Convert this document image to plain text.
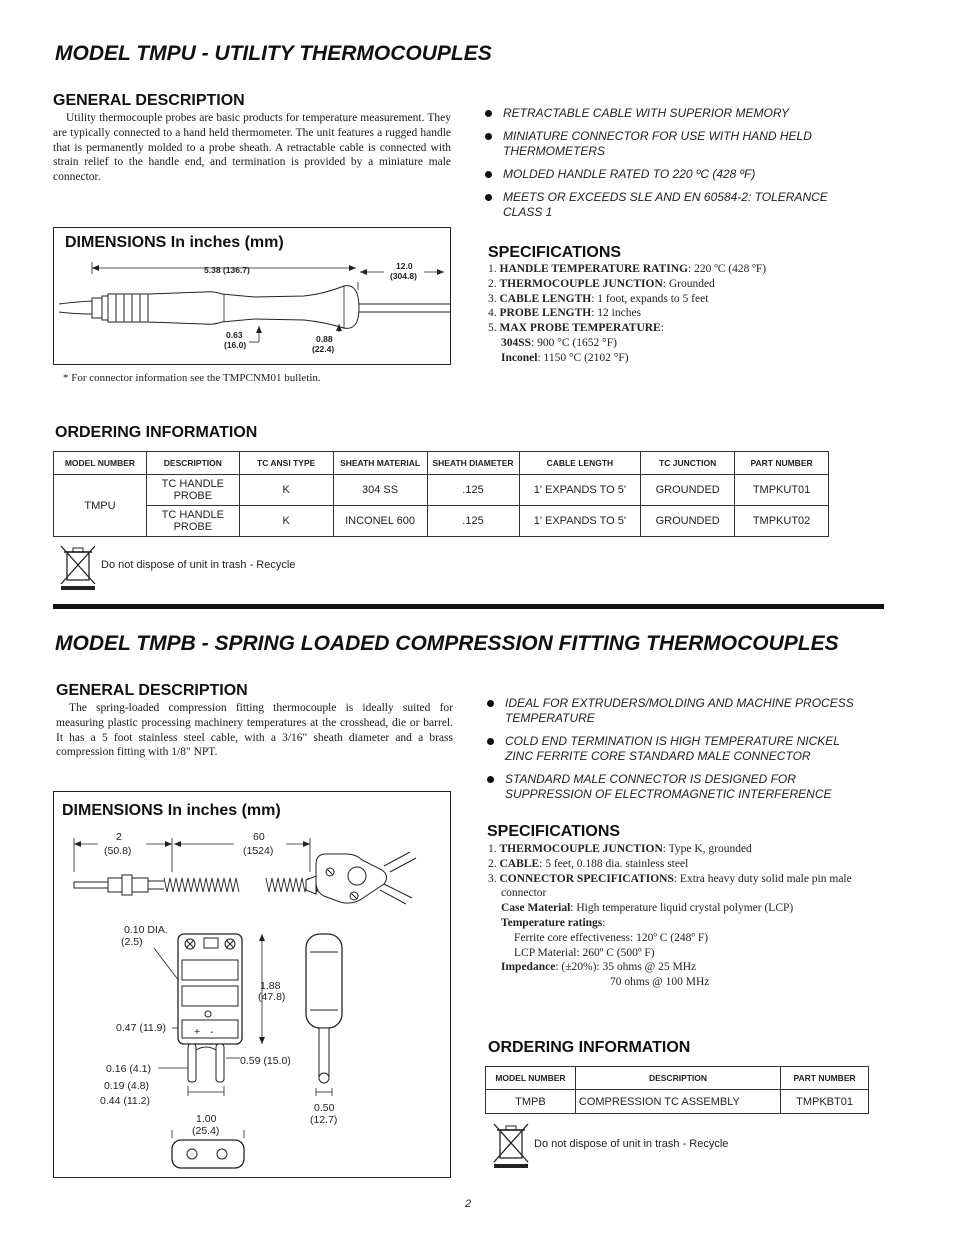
MODEL TMPU - UTILITY THERMOCOUPLES
GENERAL DESCRIPTION

Utility thermocouple probes are basic products for temperature measurement. They are typically connected to a hand held thermometer. The unit features a rugged handle that is permanently molded to a probe sheath. A retractable cable is connected with strain relief to the handle end, and termination is provided by a miniature male connector.

RETRACTABLE CABLE WITH SUPERIOR MEMORY
MINIATURE CONNECTOR FOR USE WITH HAND HELD THERMOMETERS
MOLDED HANDLE RATED TO 220 ºC (428 ºF)
MEETS OR EXCEEDS SLE AND EN 60584-2: TOLERANCE CLASS 1
DIMENSIONS In inches (mm)
5.38 (136.7)	12.0
(304.8)
0.63
(16.0)
0.88
(22.4)
* For connector information see the TMPCNM01 bulletin.
SPECIFICATIONS
1. HANDLE TEMPERATURE RATING: 220 ºC (428 ºF)
2. THERMOCOUPLE JUNCTION: Grounded
3. CABLE LENGTH: 1 foot, expands to 5 feet
4. PROBE LENGTH: 12 inches
5. MAX PROBE TEMPERATURE:
304SS: 900 °C (1652 °F)
Inconel: 1150 °C (2102 °F)
ORDERING INFORMATION
MODEL NUMBER	DESCRIPTION	TC ANSI TYPE	SHEATH MATERIAL	SHEATH DIAMETER	CABLE LENGTH	TC JUNCTION	PART NUMBER
TMPU	TC HANDLE PROBE	K	304 SS	.125	1' EXPANDS TO 5'	GROUNDED	TMPKUT01
	TC HANDLE PROBE	K	INCONEL 600	.125	1' EXPANDS TO 5'	GROUNDED	TMPKUT02
Do not dispose of unit in trash - Recycle
MODEL TMPB - SPRING LOADED COMPRESSION FITTING THERMOCOUPLES
GENERAL DESCRIPTION

The spring-loaded compression fitting thermocouple is ideally suited for measuring plastic processing machinery temperatures at the crosshead, die or barrel. It has a 5 foot stainless steel cable, with a 3/16" sheath diameter and a brass compression fitting with 1/8" NPT.

IDEAL FOR EXTRUDERS/MOLDING AND MACHINE PROCESS TEMPERATURE
COLD END TERMINATION IS HIGH TEMPERATURE NICKEL ZINC FERRITE CORE STANDARD MALE CONNECTOR
STANDARD MALE CONNECTOR IS DESIGNED FOR SUPPRESSION OF ELECTROMAGNETIC INTERFERENCE
DIMENSIONS In inches (mm)
2
(50.8)
60
(1524)
0.10 DIA.
(2.5)
+ -
1.88
(47.8)
0.47 (11.9)
0.59 (15.0)
0.16 (4.1)
0.19 (4.8)
0.44 (11.2)
0.50
(12.7)
1.00
(25.4)
SPECIFICATIONS
1. THERMOCOUPLE JUNCTION: Type K, grounded
2. CABLE: 5 feet, 0.188 dia. stainless steel
3. CONNECTOR SPECIFICATIONS: Extra heavy duty solid male pin male
connector
Case Material: High temperature liquid crystal polymer (LCP)
Temperature ratings:
Ferrite core effectiveness: 120º C (248º F)
LCP Material: 260º C (500º F)
Impedance: (±20%): 35 ohms @ 25 MHz
70 ohms @ 100 MHz
ORDERING INFORMATION
MODEL NUMBER	DESCRIPTION	PART NUMBER
TMPB	COMPRESSION TC ASSEMBLY	TMPKBT01
Do not dispose of unit in trash - Recycle
2
